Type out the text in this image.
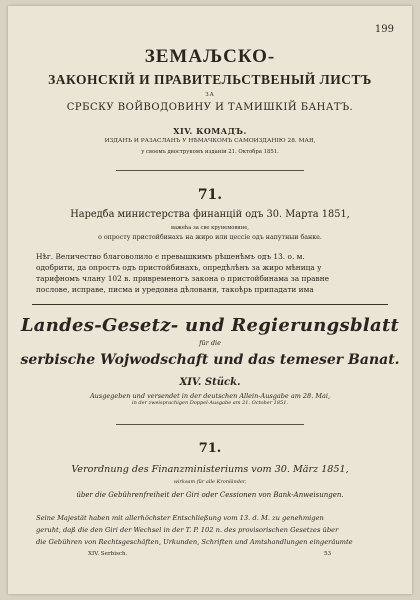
199
ЗЕМАЉСКО-
ЗАКОНСКІЙ И ПРАВИТЕЛЬСТВЕНЫЙ ЛИСТЪ
ЗА
СРБСКУ ВОЙВОДОВИНУ И ТАМИШКІЙ БАНАТЪ.
XIV. КОМАДЪ.
ИЗДАНЪ И РАЗАСЛАНЪ У НѢМАЧКОМЪ САМОИЗДАНІЮ 28. МАЯ,
у своемъ двострукомъ изданiи 21. Октобра 1851.
71.
Наредба министерства финанцiй одъ 30. Марта 1851,
важећа за све крунемовине,
о опросту пристойбинахъ на жиро или цессiе одъ напутныи банке.
Нѣг. Величество благоволило є превышкимъ рѣшенѣмъ одъ 13. о. м.
одобрити, да опростъ одъ пристойбинахъ, опредѣлѣнъ за жиро мѣница у
тарифномъ члану 102 в. привременогъ закона о пристойбинама за правне
послове, исправе, писма и уредовна дѣлованя, такоѣрь припадати има
Landes-Gesetz- und Regierungsblatt
für die
serbische Wojwodschaft und das temeser Banat.
XIV. Stück.
Ausgegeben und versendet in der deutschen Allein-Ausgabe am 28. Mai,
in der zweisprachigen Doppel-Ausgabe am 21. October 1851.
71.
Verordnung des Finanzministeriums vom 30. März 1851,
wirksam für alle Kronländer,
über die Gebührenfreiheit der Giri oder Cessionen von Bank-Anweisungen.
Seine Majestät haben mit allerhöchster Entschließung vom 13. d. M. zu genehmigen
geruht, daß die den Giri der Wechsel in der T. P. 102 n. des provisorischen Gesetzes über
die Gebühren von Rechtsgeschäften, Urkunden, Schriften und Amtshandlungen eingeräumte
XIV. Serbisch.	53
